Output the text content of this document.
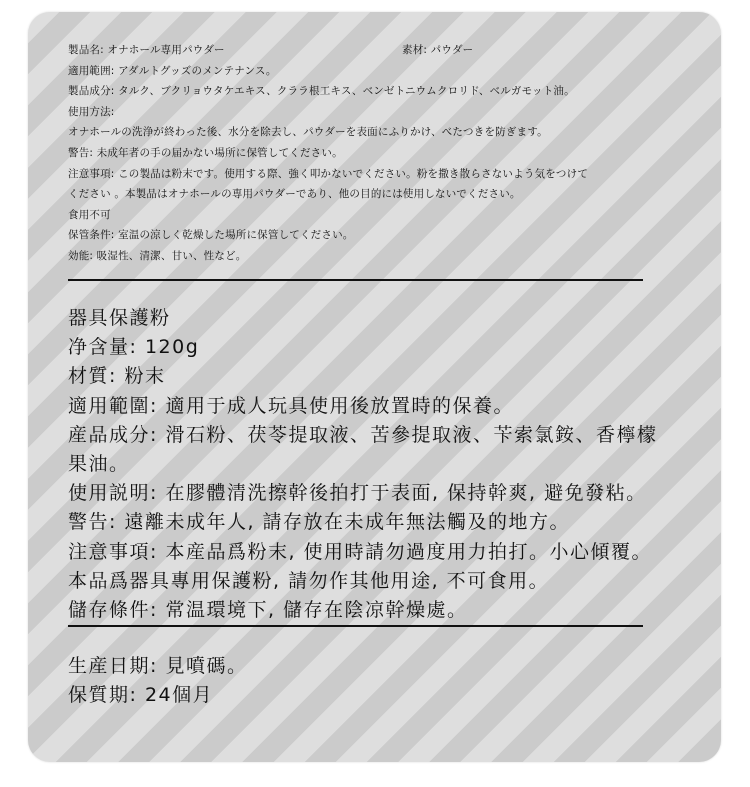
製品名: オナホール専用パウダー	素材: パウダー
適用範囲: アダルトグッズのメンテナンス。
製品成分: タルク、ブクリョウタケエキス、クララ根工キス、ベンゼトニウムクロリド、ベルガモット油。
使用方法:
オナホールの洗浄が終わった後、水分を除去し、パウダーを表面にふりかけ、べたつきを防ぎます。
警告: 未成年者の手の届かない場所に保管してください。
注意事項: この製品は粉末です。使用する際、強く叩かないでください。粉を撒き散らさないよう気をつけて
ください 。本製品はオナホールの専用パウダーであり、他の目的には使用しないでください。
食用不可
保管条件: 室温の涼しく乾燥した場所に保管してください。
効能: 吸湿性、清潔、甘い、性など。
器具保護粉
净含量: 120g
材質: 粉末
適用範圍: 適用于成人玩具使用後放置時的保養。
産品成分: 滑石粉、茯苓提取液、苦參提取液、苄索氯銨、香檸檬
果油。
使用説明: 在膠體清洗擦幹後拍打于表面, 保持幹爽, 避免發粘。
警告: 遠離未成年人, 請存放在未成年無法觸及的地方。
注意事項: 本産品爲粉末, 使用時請勿過度用力拍打。小心傾覆。
本品爲器具專用保護粉, 請勿作其他用途, 不可食用。
儲存條件: 常温環境下, 儲存在陰凉幹燥處。
生産日期: 見噴碼。
保質期: 24個月
